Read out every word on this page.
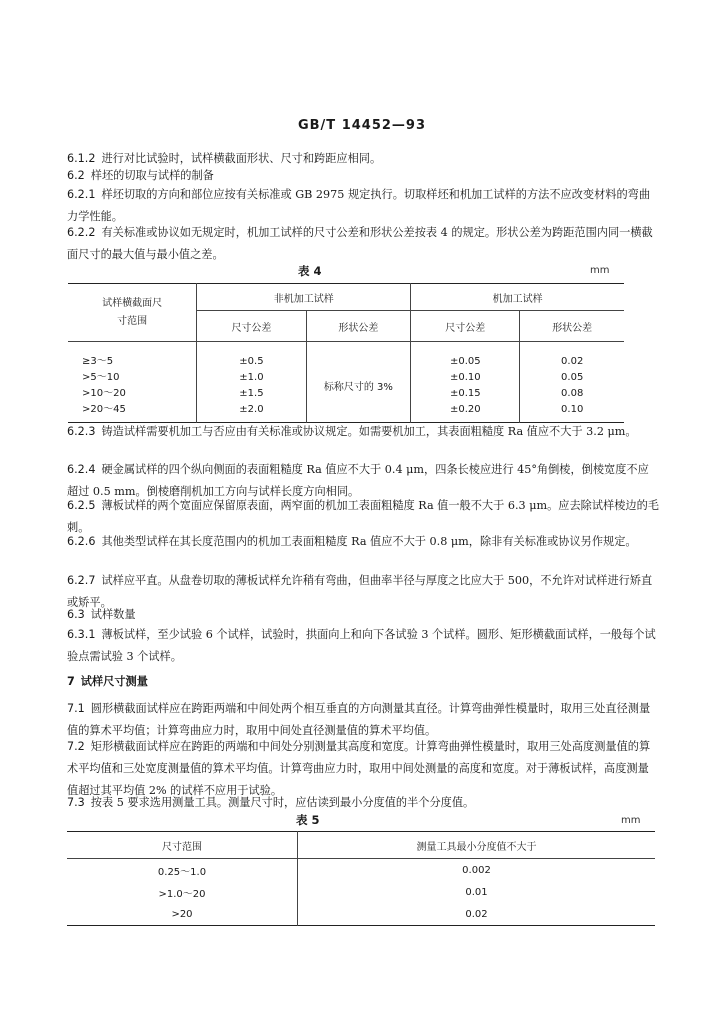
GB/T 14452—93
6.1.2 进行对比试验时，试样横截面形状、尺寸和跨距应相同。
6.2 样坯的切取与试样的制备
6.2.1 样坯切取的方向和部位应按有关标准或 GB 2975 规定执行。切取样坯和机加工试样的方法不应改变材料的弯曲力学性能。
6.2.2 有关标准或协议如无规定时，机加工试样的尺寸公差和形状公差按表 4 的规定。形状公差为跨距范围内同一横截面尺寸的最大值与最小值之差。
表 4	mm
试样横截面尺寸范围	非机加工试样		机加工试样	
	尺寸公差	形状公差	尺寸公差	形状公差
≥3～5	±0.5	标称尺寸的 3%	±0.05	0.02
>5～10	±1.0		±0.10	0.05
>10～20	±1.5		±0.15	0.08
>20～45	±2.0		±0.20	0.10
6.2.3 铸造试样需要机加工与否应由有关标准或协议规定。如需要机加工，其表面粗糙度 Ra 值应不大于 3.2 μm。
6.2.4 硬金属试样的四个纵向侧面的表面粗糙度 Ra 值应不大于 0.4 μm，四条长棱应进行 45°角倒棱，倒棱宽度不应超过 0.5 mm。倒棱磨削机加工方向与试样长度方向相同。
6.2.5 薄板试样的两个宽面应保留原表面，两窄面的机加工表面粗糙度 Ra 值一般不大于 6.3 μm。应去除试样棱边的毛刺。
6.2.6 其他类型试样在其长度范围内的机加工表面粗糙度 Ra 值应不大于 0.8 μm，除非有关标准或协议另作规定。
6.2.7 试样应平直。从盘卷切取的薄板试样允许稍有弯曲，但曲率半径与厚度之比应大于 500，不允许对试样进行矫直或矫平。
6.3 试样数量
6.3.1 薄板试样，至少试验 6 个试样，试验时，拱面向上和向下各试验 3 个试样。圆形、矩形横截面试样，一般每个试验点需试验 3 个试样。
7 试样尺寸测量
7.1 圆形横截面试样应在跨距两端和中间处两个相互垂直的方向测量其直径。计算弯曲弹性模量时，取用三处直径测量值的算术平均值；计算弯曲应力时，取用中间处直径测量值的算术平均值。
7.2 矩形横截面试样应在跨距的两端和中间处分别测量其高度和宽度。计算弯曲弹性模量时，取用三处高度测量值的算术平均值和三处宽度测量值的算术平均值。计算弯曲应力时，取用中间处测量的高度和宽度。对于薄板试样，高度测量值超过其平均值 2% 的试样不应用于试验。
7.3 按表 5 要求选用测量工具。测量尺寸时，应估读到最小分度值的半个分度值。
表 5	mm
尺寸范围	测量工具最小分度值不大于
0.25～1.0	0.002
>1.0～20	0.01
>20	0.02
